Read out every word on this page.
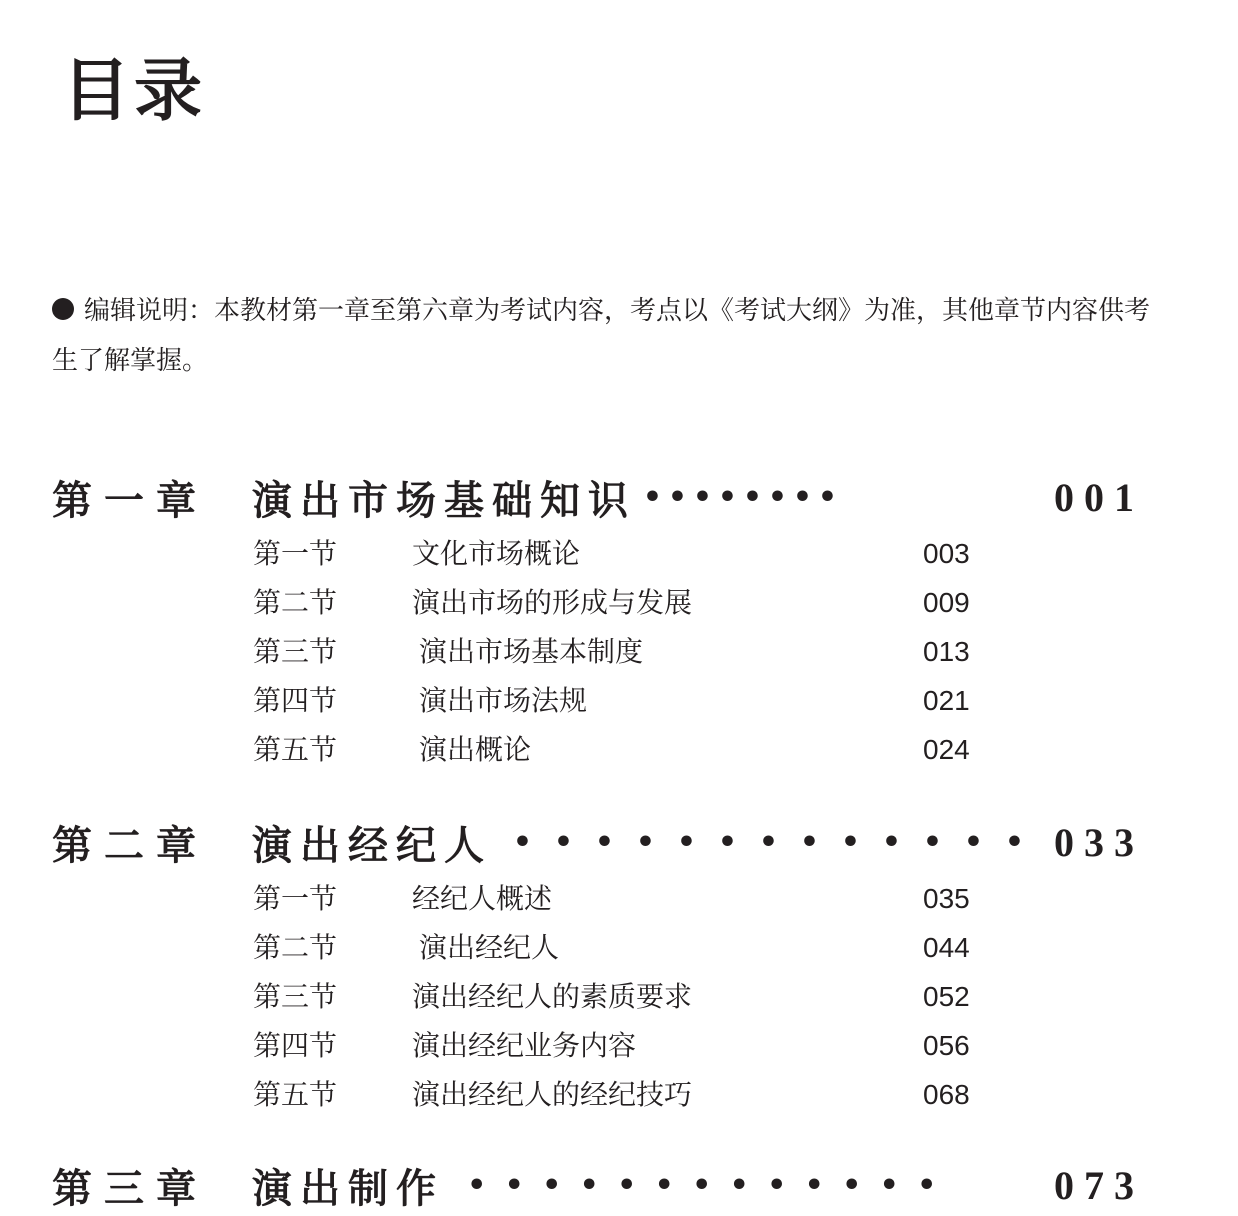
目录
编辑说明：本教材第一章至第六章为考试内容，考点以《考试大纲》为准，其他章节内容供考生了解掌握。
第一章	演出市场基础知识 • • • • • • • •	001
第一节	文化市场概论	003
第二节	演出市场的形成与发展	009
第三节	演出市场基本制度	013
第四节	演出市场法规	021
第五节	演出概论	024
第二章	演出经纪人 • • • • • • • • • • • • • 033
第一节	经纪人概述	035
第二节	演出经纪人	044
第三节	演出经纪人的素质要求	052
第四节	演出经纪业务内容	056
第五节	演出经纪人的经纪技巧	068
第三章	演出制作 • • • • • • • • • • • • •	073
